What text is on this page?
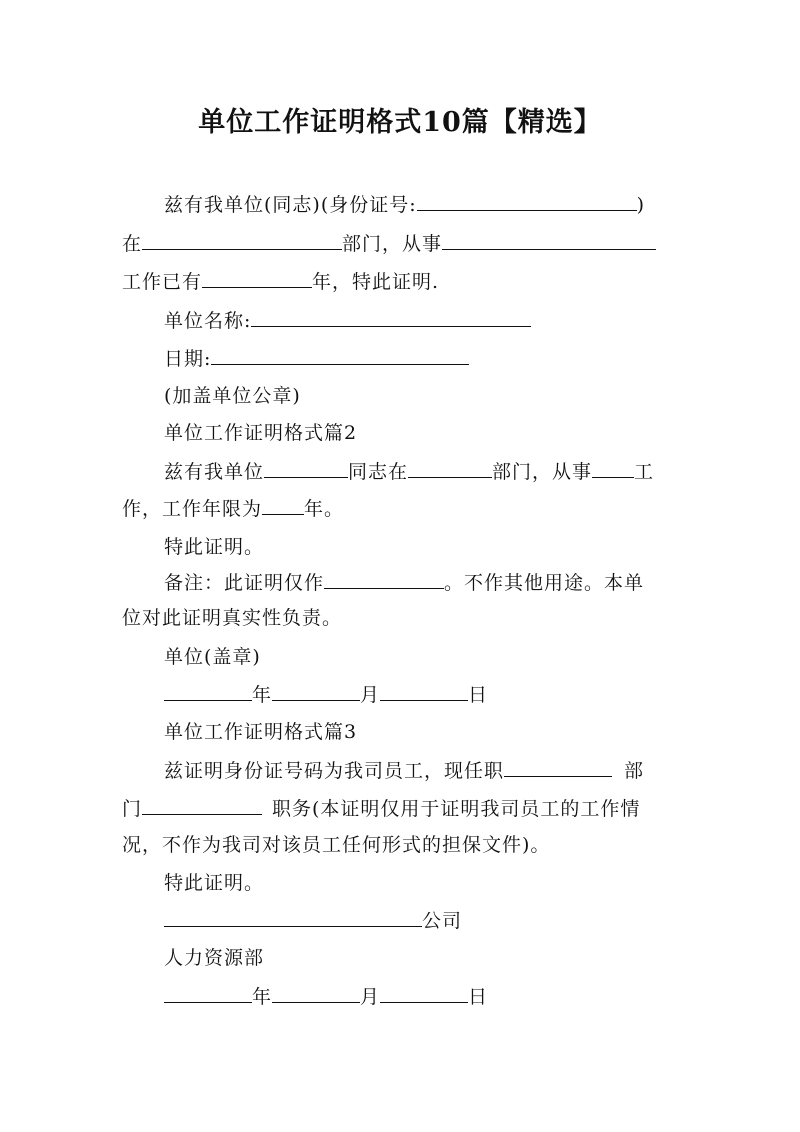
单位工作证明格式10篇【精选】
兹有我单位(同志)(身份证号:	)
在	部门，从事
工作已有	年，特此证明.
单位名称:
日期:
(加盖单位公章)
单位工作证明格式篇2
兹有我单位	同志在	部门，从事 工
作，工作年限为 年。
特此证明。
备注：此证明仅作	。不作其他用途。本单
位对此证明真实性负责。
单位(盖章)
年	月	日
单位工作证明格式篇3
兹证明身份证号码为我司员工，现任职	部
门	职务(本证明仅用于证明我司员工的工作情
况，不作为我司对该员工任何形式的担保文件)。
特此证明。
公司
人力资源部
年	月	日
